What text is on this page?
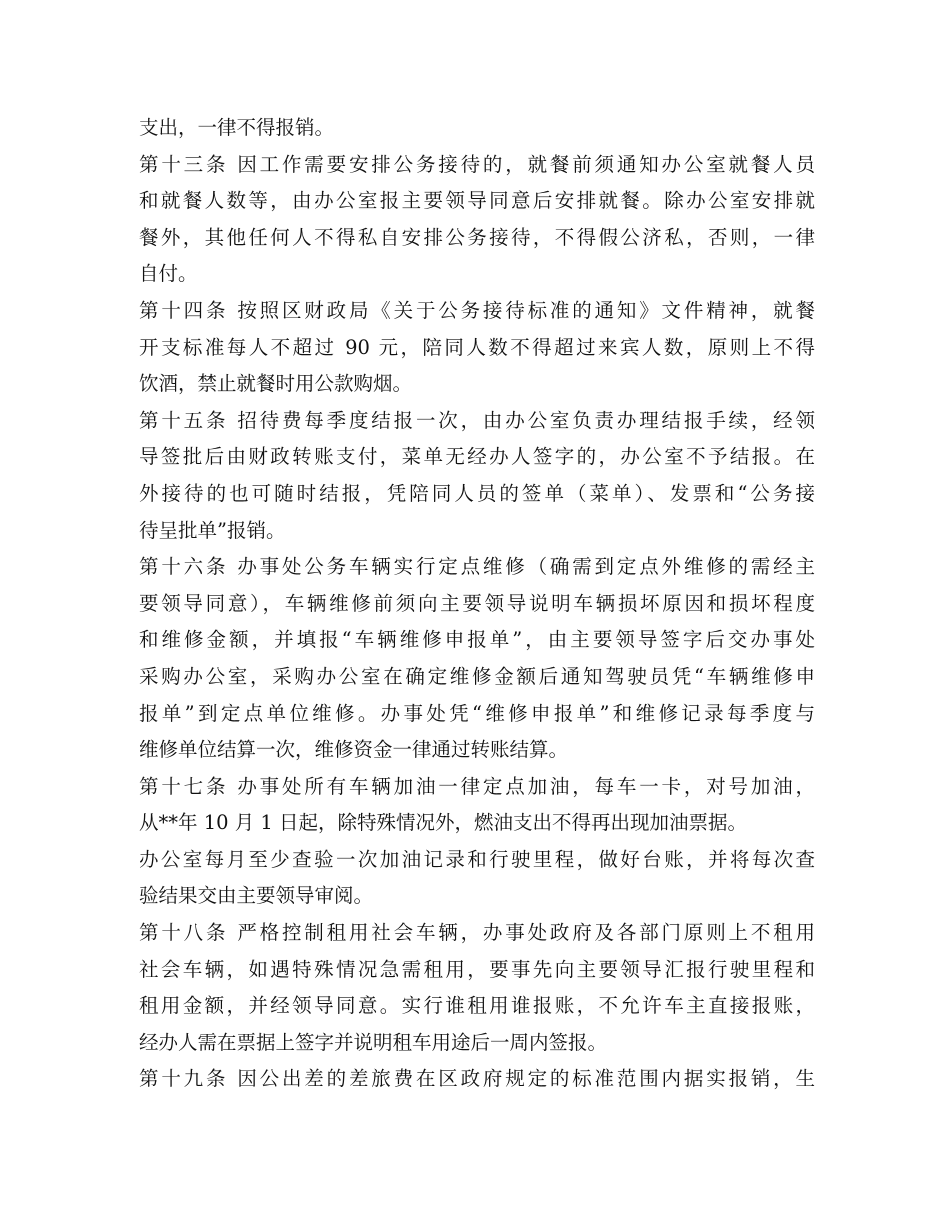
支出，一律不得报销。
第十三条 因工作需要安排公务接待的，就餐前须通知办公室就餐人员
和就餐人数等，由办公室报主要领导同意后安排就餐。除办公室安排就
餐外，其他任何人不得私自安排公务接待，不得假公济私，否则，一律
自付。
第十四条 按照区财政局《关于公务接待标准的通知》文件精神，就餐
开支标准每人不超过 90 元，陪同人数不得超过来宾人数，原则上不得
饮酒，禁止就餐时用公款购烟。
第十五条 招待费每季度结报一次，由办公室负责办理结报手续，经领
导签批后由财政转账支付，菜单无经办人签字的，办公室不予结报。在
外接待的也可随时结报，凭陪同人员的签单（菜单）、发票和“公务接
待呈批单”报销。
第十六条 办事处公务车辆实行定点维修（确需到定点外维修的需经主
要领导同意），车辆维修前须向主要领导说明车辆损坏原因和损坏程度
和维修金额，并填报“车辆维修申报单”，由主要领导签字后交办事处
采购办公室，采购办公室在确定维修金额后通知驾驶员凭“车辆维修申
报单”到定点单位维修。办事处凭“维修申报单”和维修记录每季度与
维修单位结算一次，维修资金一律通过转账结算。
第十七条 办事处所有车辆加油一律定点加油，每车一卡，对号加油，
从**年 10 月 1 日起，除特殊情况外，燃油支出不得再出现加油票据。
办公室每月至少查验一次加油记录和行驶里程，做好台账，并将每次查
验结果交由主要领导审阅。
第十八条 严格控制租用社会车辆，办事处政府及各部门原则上不租用
社会车辆，如遇特殊情况急需租用，要事先向主要领导汇报行驶里程和
租用金额，并经领导同意。实行谁租用谁报账，不允许车主直接报账，
经办人需在票据上签字并说明租车用途后一周内签报。
第十九条 因公出差的差旅费在区政府规定的标准范围内据实报销，生
